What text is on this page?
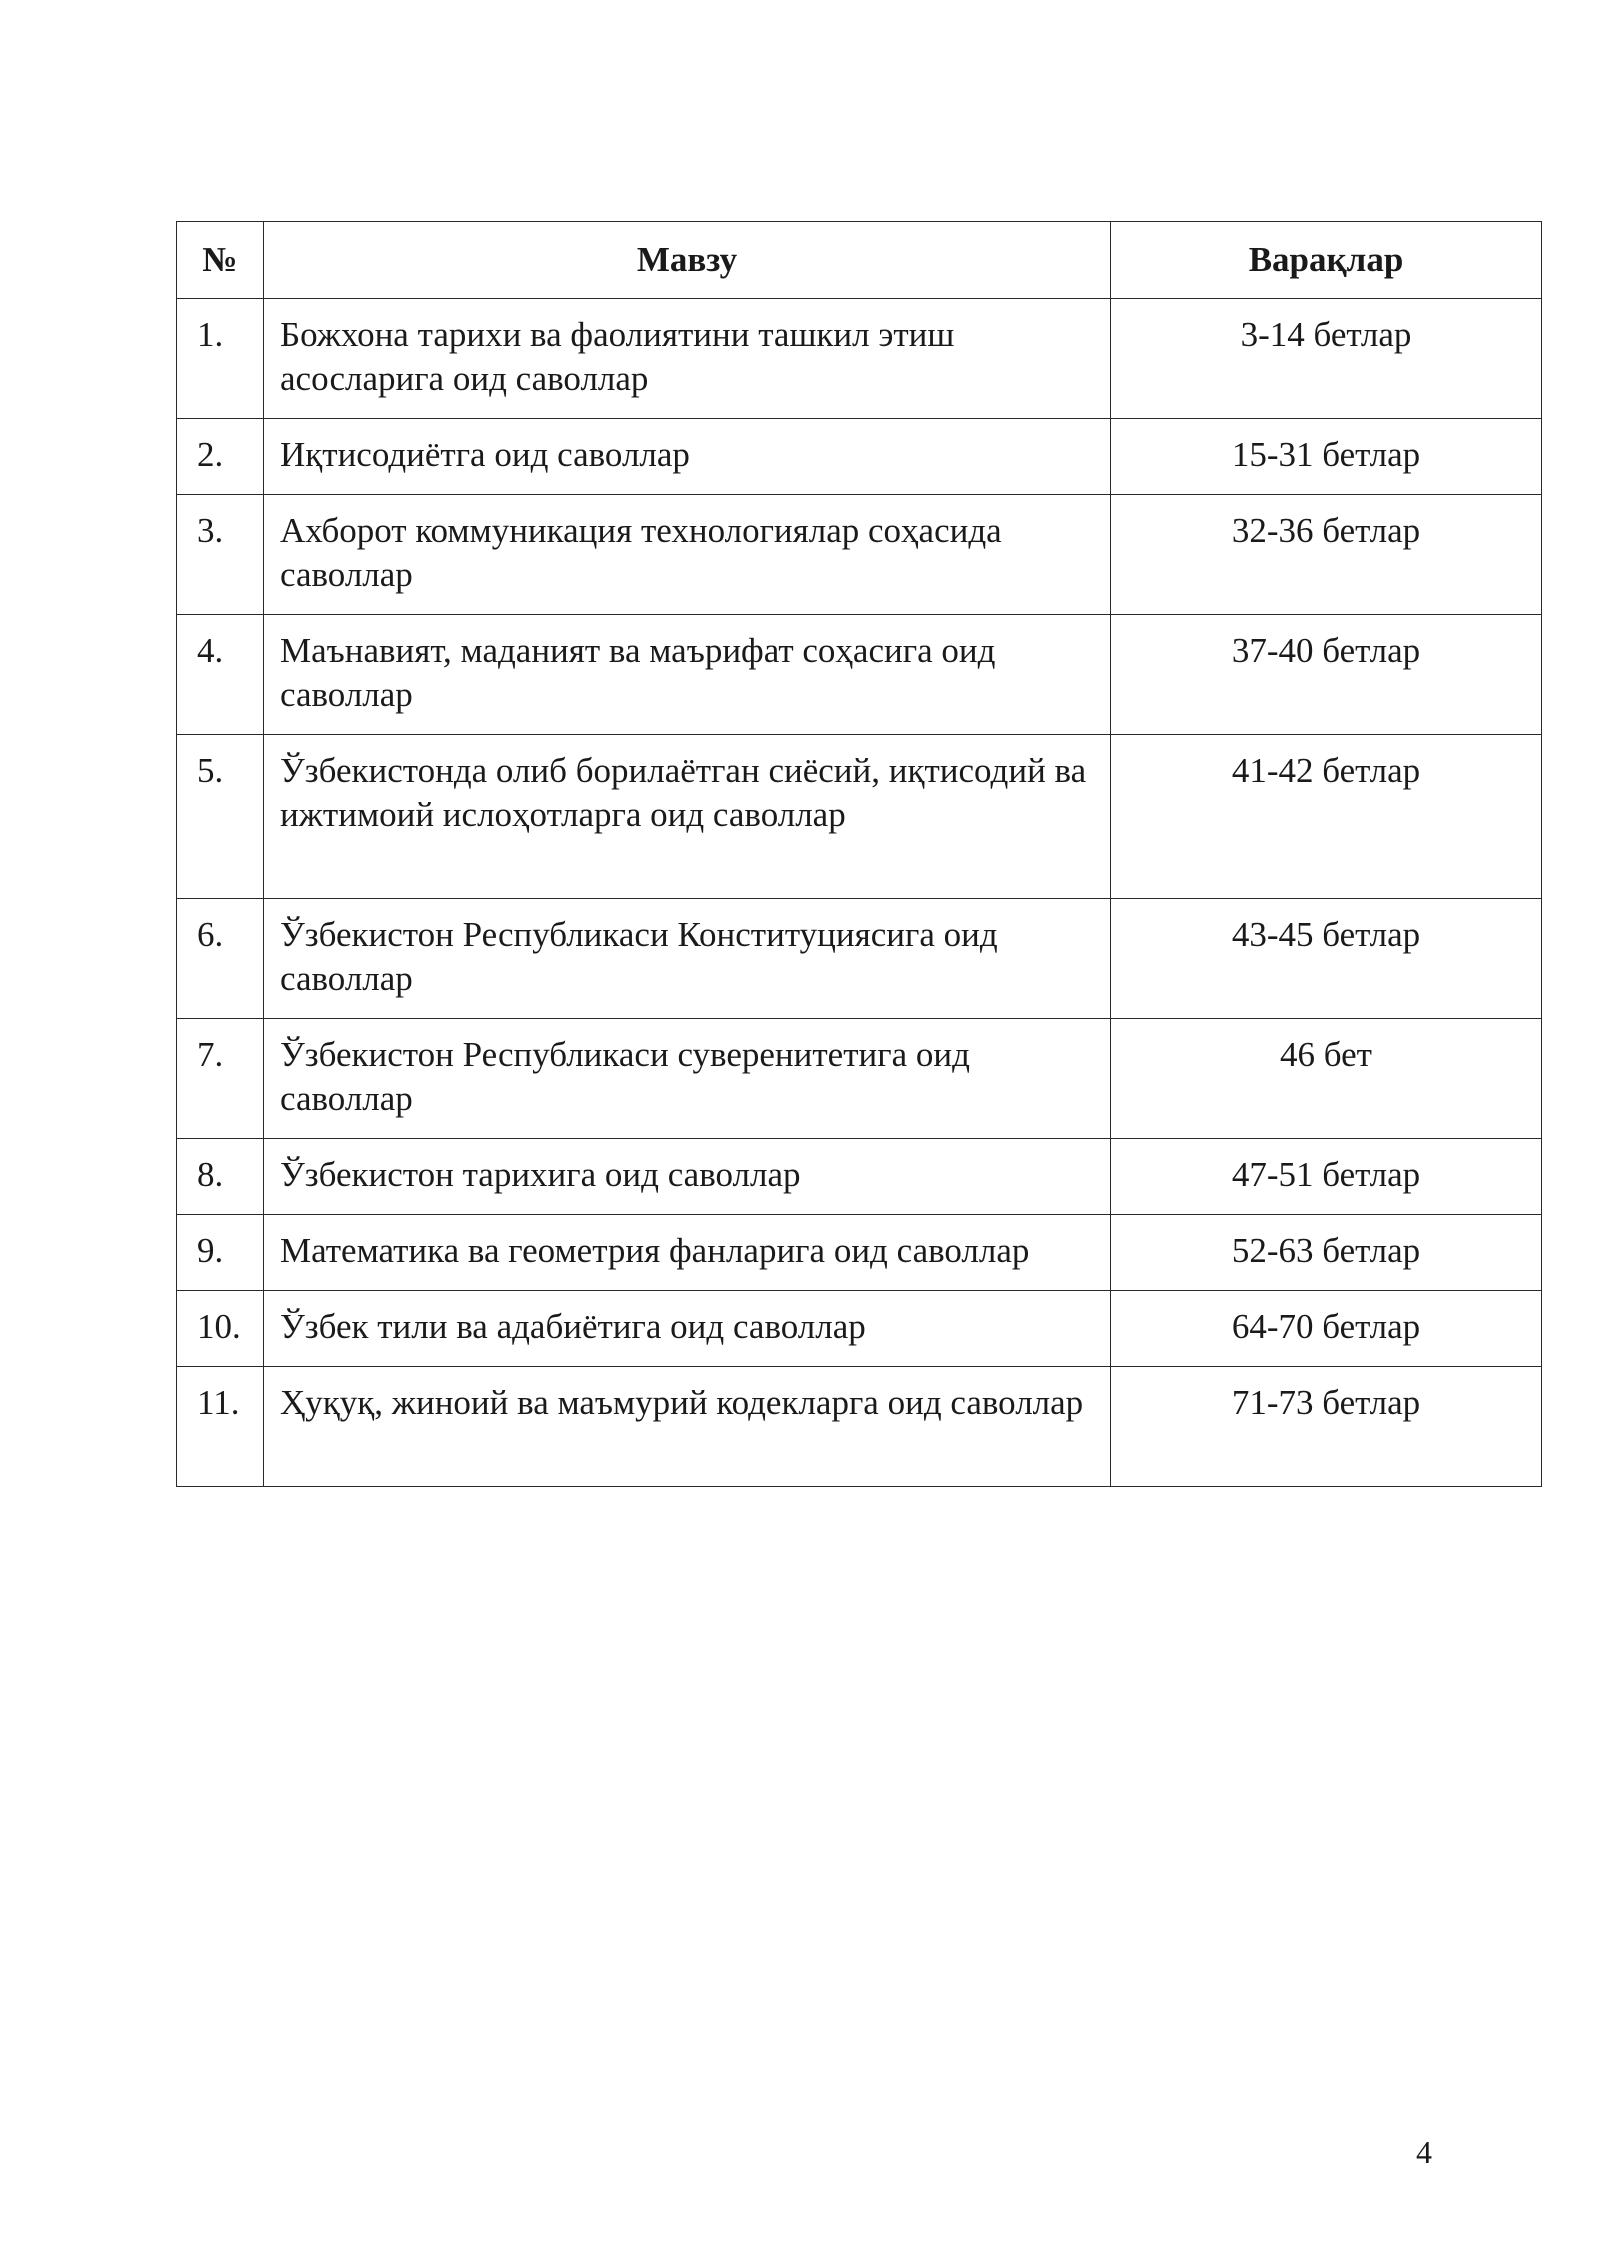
№	Мавзу	Варақлар
1.	Божхона тарихи ва фаолиятини ташкил этиш асосларига оид саволлар	3-14 бетлар
2.	Иқтисодиётга оид саволлар	15-31 бетлар
3.	Ахборот коммуникация технологиялар соҳасида саволлар	32-36 бетлар
4.	Маънавият, маданият ва маърифат соҳасига оид саволлар	37-40 бетлар
5.	Ўзбекистонда олиб борилаётган сиёсий, иқтисодий ва ижтимоий ислоҳотларга оид саволлар	41-42 бетлар
6.	Ўзбекистон Республикаси Конституциясига оид саволлар	43-45 бетлар
7.	Ўзбекистон Республикаси суверенитетига оид саволлар	46 бет
8.	Ўзбекистон тарихига оид саволлар	47-51 бетлар
9.	Математика ва геометрия фанларига оид саволлар	52-63 бетлар
10.	Ўзбек тили ва адабиётига оид саволлар	64-70 бетлар
11.	Ҳуқуқ, жиноий ва маъмурий кодекларга оид саволлар	71-73 бетлар
4
